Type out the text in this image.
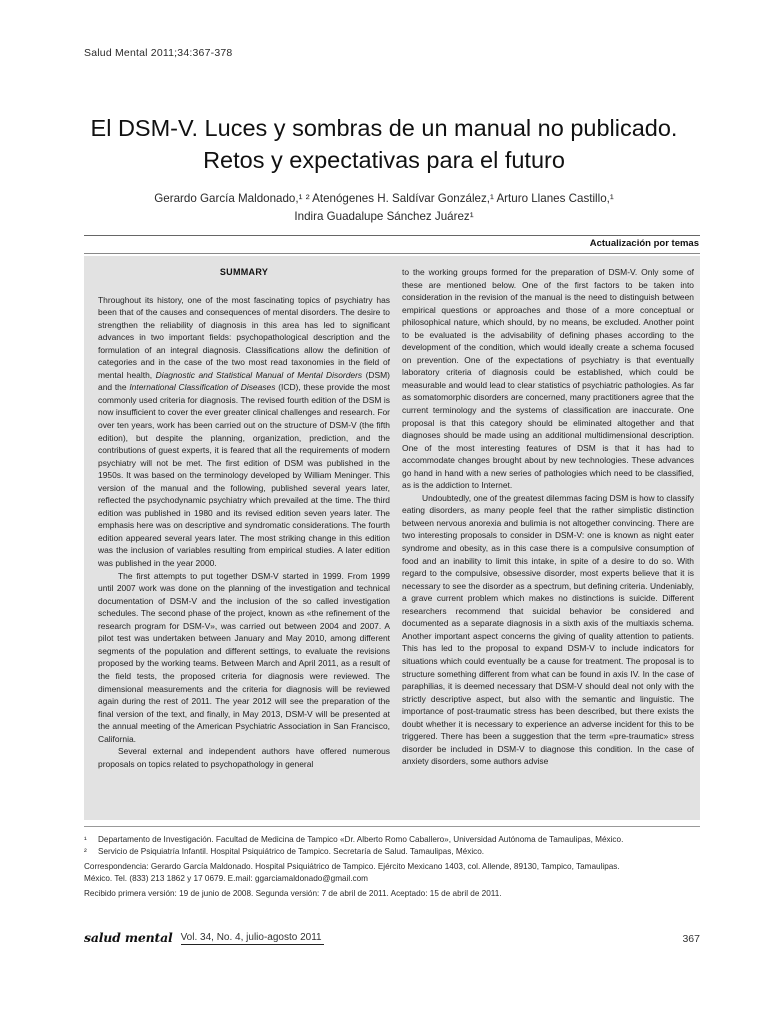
Salud Mental 2011;34:367-378
El DSM-V. Luces y sombras de un manual no publicado.
Retos y expectativas para el futuro
Gerardo García Maldonado,¹ ² Atenógenes H. Saldívar González,¹ Arturo Llanes Castillo,¹
Indira Guadalupe Sánchez Juárez¹
Actualización por temas
SUMMARY

Throughout its history, one of the most fascinating topics of psychiatry has been that of the causes and consequences of mental disorders. The desire to strengthen the reliability of diagnosis in this area has led to significant advances in two important fields: psychopathological description and the formulation of an integral diagnosis. Classifications allow the definition of categories and in the case of the two most read taxonomies in the field of mental health, Diagnostic and Statistical Manual of Mental Disorders (DSM) and the International Classification of Diseases (ICD), these provide the most commonly used criteria for diagnosis. The revised fourth edition of the DSM is now insufficient to cover the ever greater clinical challenges and research. For over ten years, work has been carried out on the structure of DSM-V (the fifth edition), but despite the planning, organization, prediction, and the contributions of guest experts, it is feared that all the requirements of modern psychiatry will not be met. The first edition of DSM was published in the 1950s. It was based on the terminology developed by William Meninger. This version of the manual and the following, published several years later, reflected the psychodynamic psychiatry which prevailed at the time. The third edition was published in 1980 and its revised edition seven years later. The emphasis here was on descriptive and syndromatic considerations. The fourth edition appeared several years later. The most striking change in this edition was the inclusion of variables resulting from empirical studies. A later edition was published in the year 2000.

The first attempts to put together DSM-V started in 1999. From 1999 until 2007 work was done on the planning of the investigation and technical documentation of DSM-V and the inclusion of the so called investigation schedules. The second phase of the project, known as «the refinement of the research program for DSM-V», was carried out between 2004 and 2007. A pilot test was undertaken between January and May 2010, among different segments of the population and different settings, to evaluate the revisions proposed by the working teams. Between March and April 2011, as a result of the field tests, the proposed criteria for diagnosis were reviewed. The dimensional measurements and the criteria for diagnosis will be reviewed again during the rest of 2011. The year 2012 will see the preparation of the final version of the text, and finally, in May 2013, DSM-V will be presented at the annual meeting of the American Psychiatric Association in San Francisco, California.

Several external and independent authors have offered numerous proposals on topics related to psychopathology in general

to the working groups formed for the preparation of DSM-V. Only some of these are mentioned below. One of the first factors to be taken into consideration in the revision of the manual is the need to distinguish between empirical questions or approaches and those of a more conceptual or philosophical nature, which should, by no means, be excluded. Another point to be evaluated is the advisability of defining phases according to the development of the condition, which would ideally create a schema focused on prevention. One of the expectations of psychiatry is that eventually laboratory criteria of diagnosis could be established, which could be measurable and would lead to clear statistics of psychiatric pathologies. As far as somatomorphic disorders are concerned, many practitioners agree that the current terminology and the systems of classification are inaccurate. One proposal is that this category should be eliminated altogether and that diagnoses should be made using an additional multidimensional description. One of the most interesting features of DSM is that it has had to accommodate changes brought about by new technologies. These advances go hand in hand with a new series of pathologies which need to be classified, as is the addiction to Internet.

Undoubtedly, one of the greatest dilemmas facing DSM is how to classify eating disorders, as many people feel that the rather simplistic distinction between nervous anorexia and bulimia is not altogether convincing. There are two interesting proposals to consider in DSM-V: one is known as night eater syndrome and obesity, as in this case there is a compulsive consumption of food and an inability to limit this intake, in spite of a desire to do so. With regard to the compulsive, obsessive disorder, most experts believe that it is necessary to see the disorder as a spectrum, but defining criteria. Undeniably, a grave current problem which makes no distinctions is suicide. Different researchers recommend that suicidal behavior be considered and documented as a separate diagnosis in a sixth axis of the multiaxis schema. Another important aspect concerns the giving of quality attention to patients. This has led to the proposal to expand DSM-V to include indicators for situations which could eventually be a cause for treatment. The proposal is to structure something different from what can be found in axis IV. In the case of paraphilias, it is deemed necessary that DSM-V should deal not only with the strictly descriptive aspect, but also with the semantic and linguistic. The importance of post-traumatic stress has been described, but there exists the doubt whether it is necessary to experience an adverse incident for this to be triggered. There has been a suggestion that the term «pre-traumatic» stress disorder be included in DSM-V to diagnose this condition. In the case of anxiety disorders, some authors advise

¹	Departamento de Investigación. Facultad de Medicina de Tampico «Dr. Alberto Romo Caballero», Universidad Autónoma de Tamaulipas, México.
²	Servicio de Psiquiatría Infantil. Hospital Psiquiátrico de Tampico. Secretaría de Salud. Tamaulipas, México.

Correspondencia: Gerardo García Maldonado. Hospital Psiquiátrico de Tampico. Ejército Mexicano 1403, col. Allende, 89130, Tampico, Tamaulipas.

México. Tel. (833) 213 1862 y 17 0679. E.mail: ggarciamaldonado@gmail.com

Recibido primera versión: 19 de junio de 2008. Segunda versión: 7 de abril de 2011. Aceptado: 15 de abril de 2011.

salud mental Vol. 34, No. 4, julio-agosto 2011	367
